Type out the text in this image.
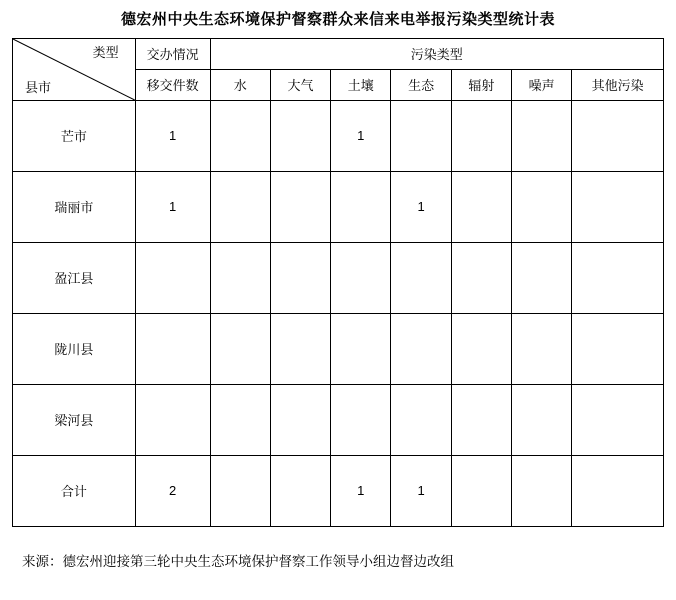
德宏州中央生态环境保护督察群众来信来电举报污染类型统计表
类型
县市	交办情况	污染类型						
	移交件数	水	大气	土壤	生态	辐射	噪声	其他污染
芒市	1			1				
瑞丽市	1				1			
盈江县								
陇川县								
梁河县								
合计	2			1	1			
来源：德宏州迎接第三轮中央生态环境保护督察工作领导小组边督边改组
